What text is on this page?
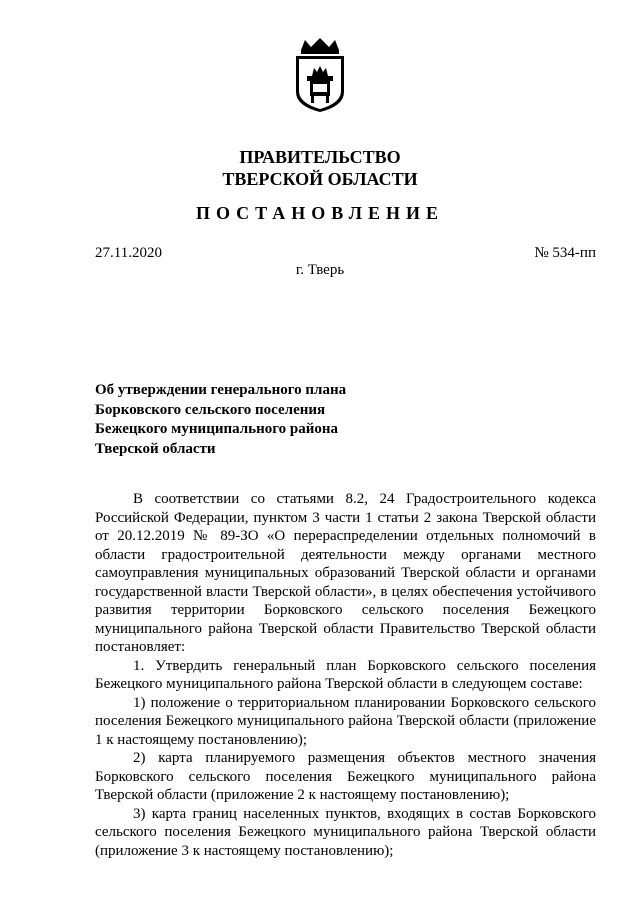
ПРАВИТЕЛЬСТВО
ТВЕРСКОЙ ОБЛАСТИ
ПОСТАНОВЛЕНИЕ
27.11.2020	№ 534-пп
г. Тверь
Об утверждении генерального плана
Борковского сельского поселения
Бежецкого муниципального района
Тверской области

В соответствии со статьями 8.2, 24 Градостроительного кодекса Российской Федерации, пунктом 3 части 1 статьи 2 закона Тверской области от 20.12.2019 № 89-ЗО «О перераспределении отдельных полномочий в области градостроительной деятельности между органами местного самоуправления муниципальных образований Тверской области и органами государственной власти Тверской области», в целях обеспечения устойчивого развития территории Борковского сельского поселения Бежецкого муниципального района Тверской области Правительство Тверской области постановляет:

1. Утвердить генеральный план Борковского сельского поселения Бежецкого муниципального района Тверской области в следующем составе:

1) положение о территориальном планировании Борковского сельского поселения Бежецкого муниципального района Тверской области (приложение 1 к настоящему постановлению);

2) карта планируемого размещения объектов местного значения Борковского сельского поселения Бежецкого муниципального района Тверской области (приложение 2 к настоящему постановлению);

3) карта границ населенных пунктов, входящих в состав Борковского сельского поселения Бежецкого муниципального района Тверской области (приложение 3 к настоящему постановлению);
